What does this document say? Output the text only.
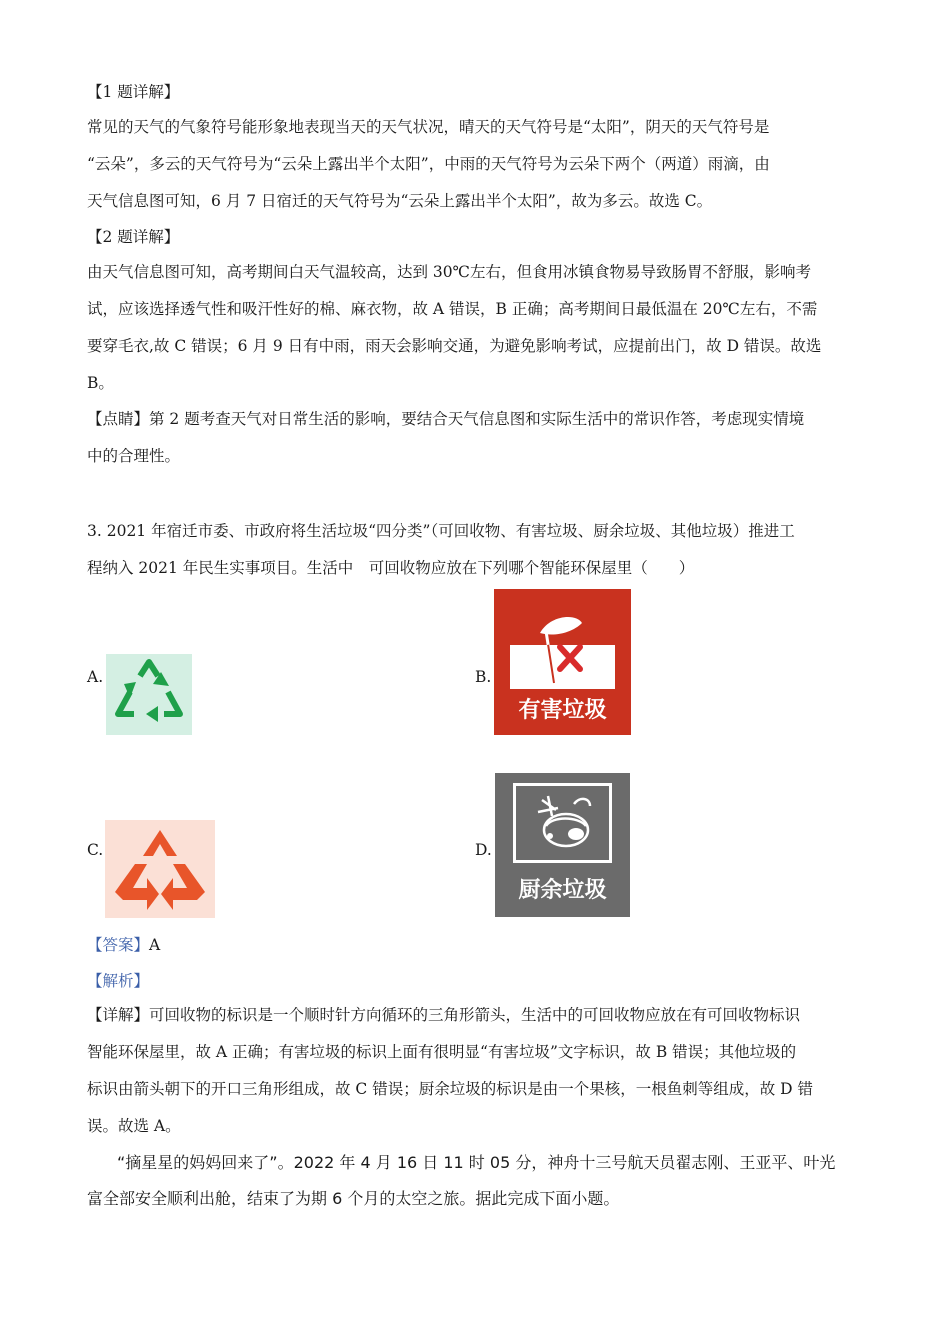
【1 题详解】
常见的天气的气象符号能形象地表现当天的天气状况，晴天的天气符号是“太阳”，阴天的天气符号是
“云朵”，多云的天气符号为“云朵上露出半个太阳”，中雨的天气符号为云朵下两个（两道）雨滴，由
天气信息图可知，6 月 7 日宿迁的天气符号为“云朵上露出半个太阳”，故为多云。故选 C。
【2 题详解】
由天气信息图可知，高考期间白天气温较高，达到 30℃左右，但食用冰镇食物易导致肠胃不舒服，影响考
试，应该选择透气性和吸汗性好的棉、麻衣物，故 A 错误，B 正确；高考期间日最低温在 20℃左右，不需
要穿毛衣,故 C 错误；6 月 9 日有中雨，雨天会影响交通，为避免影响考试，应提前出门，故 D 错误。故选
B。
【点睛】第 2 题考查天气对日常生活的影响，要结合天气信息图和实际生活中的常识作答，考虑现实情境
中的合理性。
3. 2021 年宿迁市委、市政府将生活垃圾“四分类”（可回收物、有害垃圾、厨余垃圾、其他垃圾）推进工
程纳入 2021 年民生实事项目。生活中　可回收物应放在下列哪个智能环保屋里（　　）
A.	B.
有害垃圾
C.	D.
厨余垃圾
【答案】A
【解析】
【详解】可回收物的标识是一个顺时针方向循环的三角形箭头，生活中的可回收物应放在有可回收物标识
智能环保屋里，故 A 正确；有害垃圾的标识上面有很明显“有害垃圾”文字标识，故 B 错误；其他垃圾的
标识由箭头朝下的开口三角形组成，故 C 错误；厨余垃圾的标识是由一个果核，一根鱼刺等组成，故 D 错
误。故选 A。
“摘星星的妈妈回来了”。2022 年 4 月 16 日 11 时 05 分，神舟十三号航天员翟志刚、王亚平、叶光
富全部安全顺利出舱，结束了为期 6 个月的太空之旅。据此完成下面小题。
